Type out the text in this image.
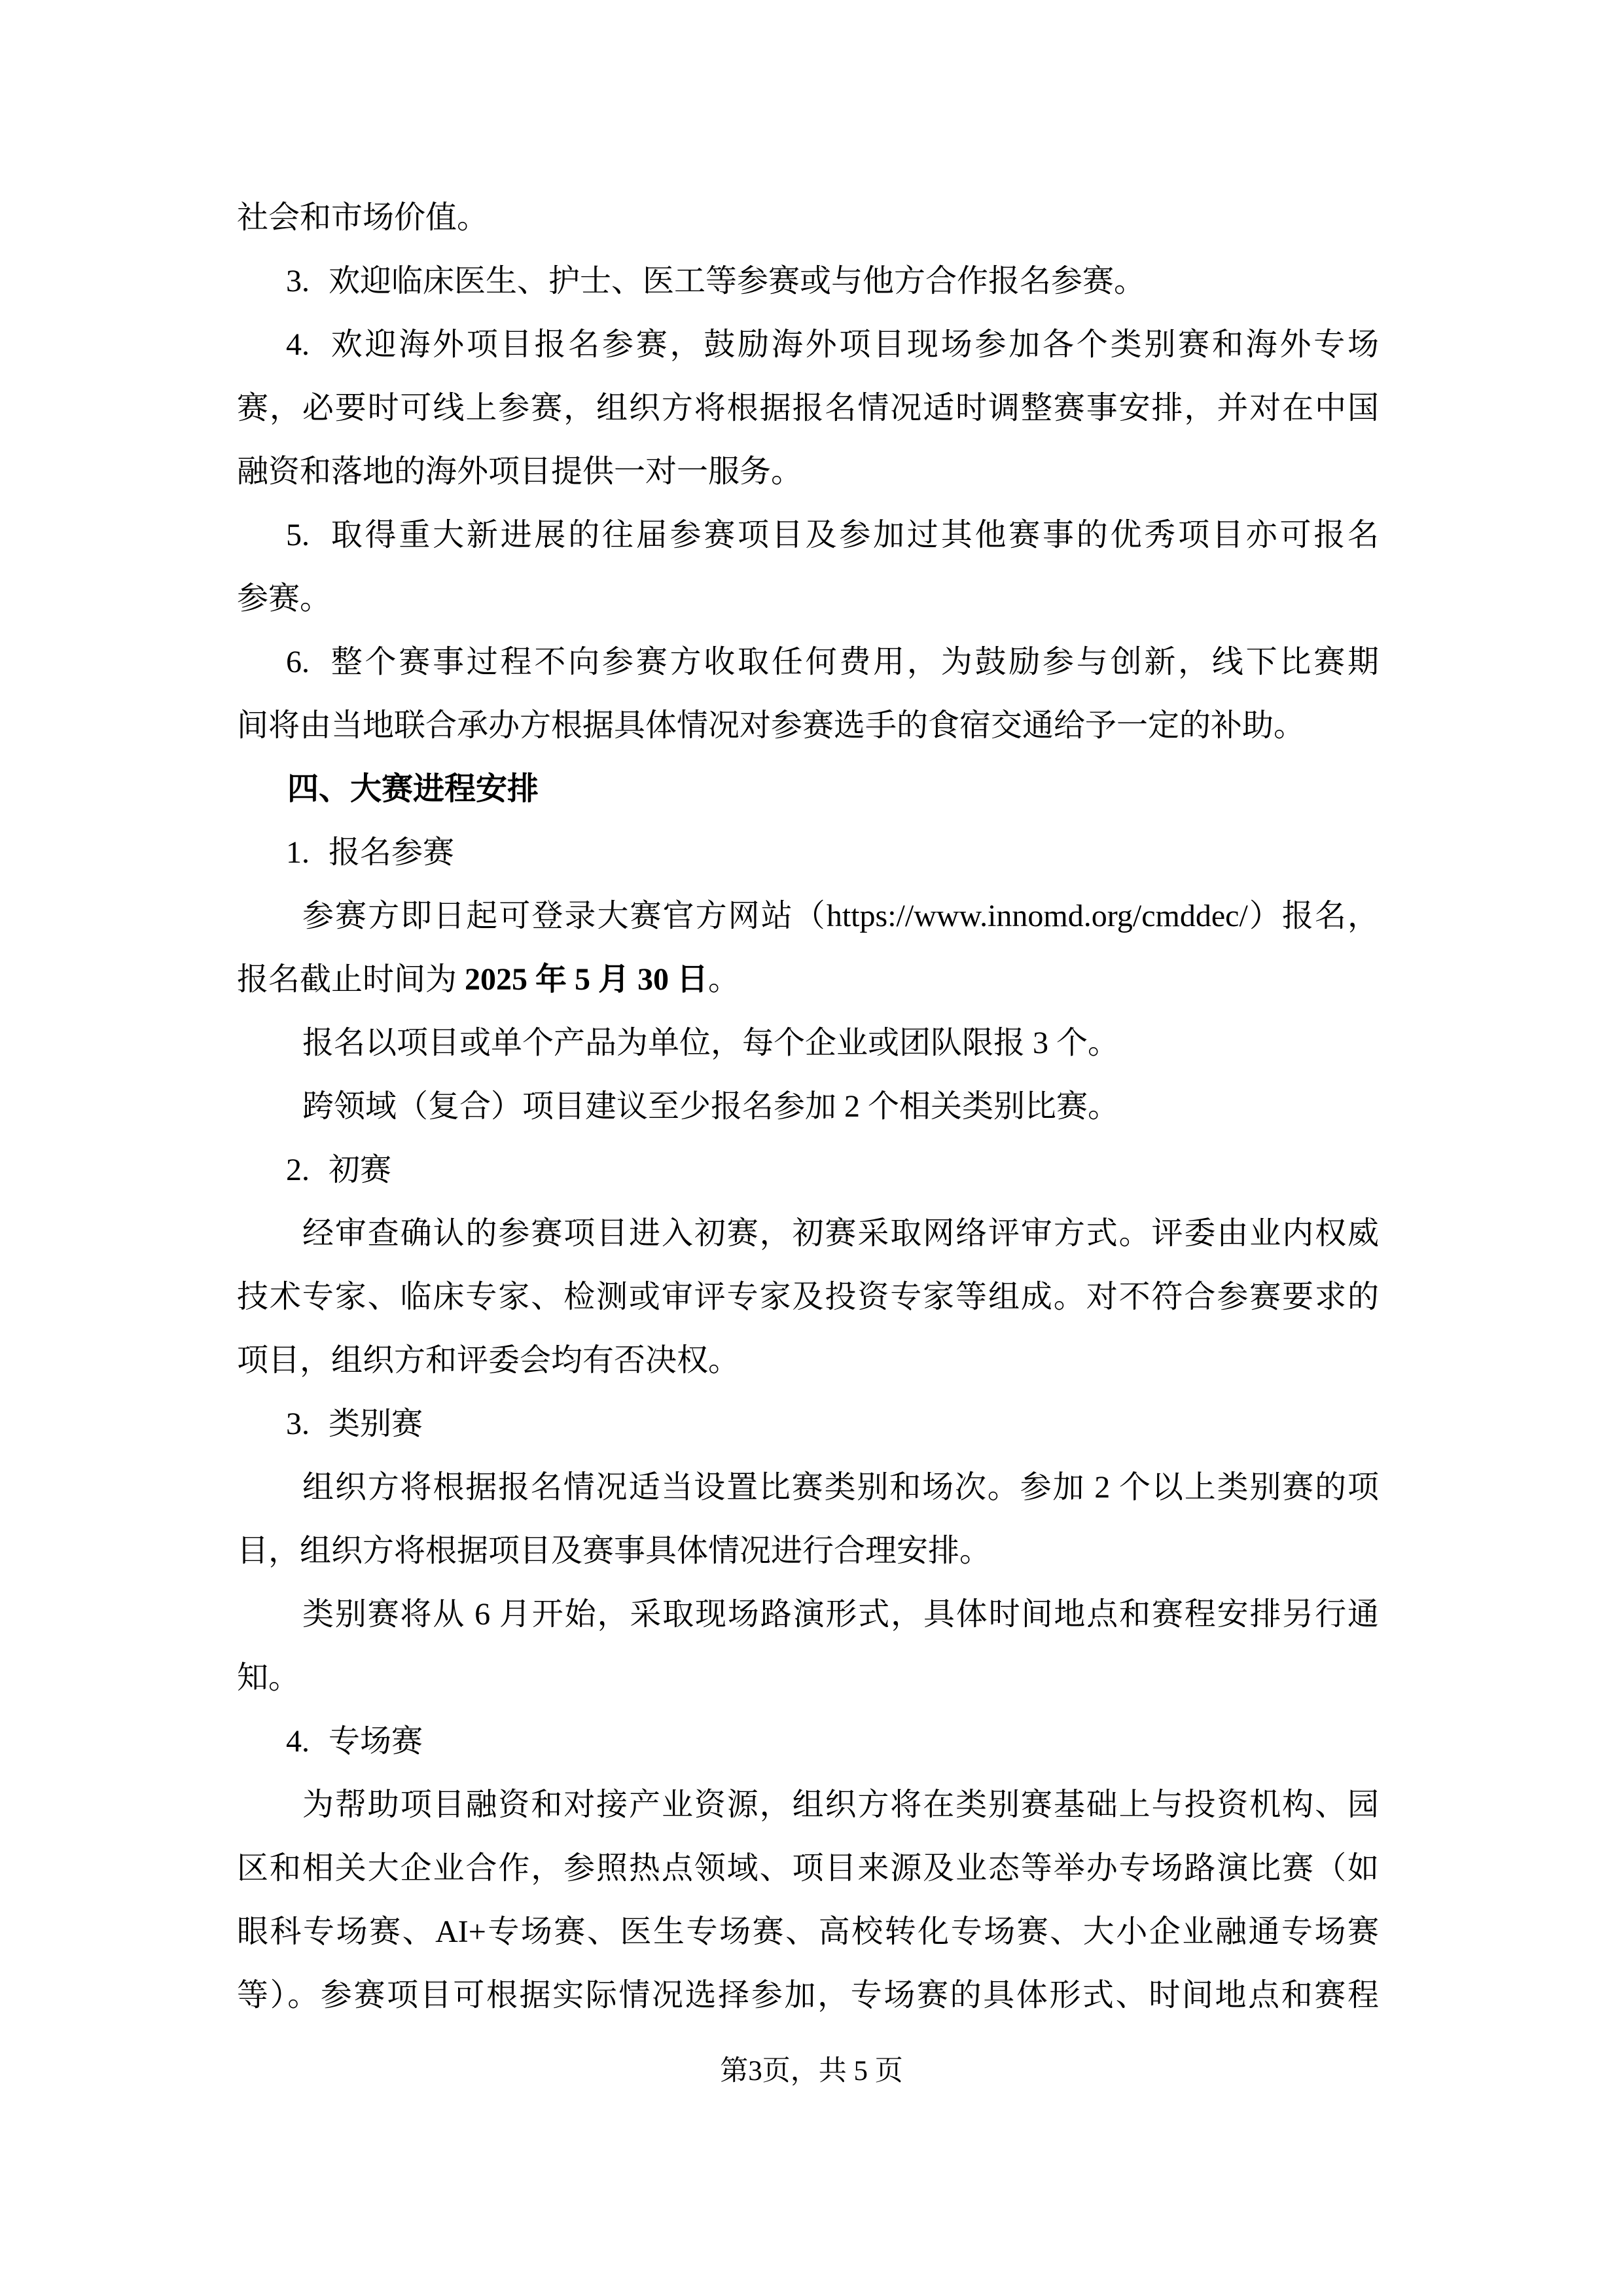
社会和市场价值。

3. 欢迎临床医生、护士、医工等参赛或与他方合作报名参赛。

4. 欢迎海外项目报名参赛，鼓励海外项目现场参加各个类别赛和海外专场

赛，必要时可线上参赛，组织方将根据报名情况适时调整赛事安排，并对在中国

融资和落地的海外项目提供一对一服务。

5. 取得重大新进展的往届参赛项目及参加过其他赛事的优秀项目亦可报名

参赛。

6. 整个赛事过程不向参赛方收取任何费用，为鼓励参与创新，线下比赛期

间将由当地联合承办方根据具体情况对参赛选手的食宿交通给予一定的补助。

四、大赛进程安排

1. 报名参赛

参赛方即日起可登录大赛官方网站（https://www.innomd.org/cmddec/）报名，

报名截止时间为 2025 年 5 月 30 日。

报名以项目或单个产品为单位，每个企业或团队限报 3 个。

跨领域（复合）项目建议至少报名参加 2 个相关类别比赛。

2. 初赛

经审查确认的参赛项目进入初赛，初赛采取网络评审方式。评委由业内权威

技术专家、临床专家、检测或审评专家及投资专家等组成。对不符合参赛要求的

项目，组织方和评委会均有否决权。

3. 类别赛

组织方将根据报名情况适当设置比赛类别和场次。参加 2 个以上类别赛的项

目，组织方将根据项目及赛事具体情况进行合理安排。

类别赛将从 6 月开始，采取现场路演形式，具体时间地点和赛程安排另行通

知。

4. 专场赛

为帮助项目融资和对接产业资源，组织方将在类别赛基础上与投资机构、园

区和相关大企业合作，参照热点领域、项目来源及业态等举办专场路演比赛（如

眼科专场赛、AI+专场赛、医生专场赛、高校转化专场赛、大小企业融通专场赛

等）。参赛项目可根据实际情况选择参加，专场赛的具体形式、时间地点和赛程

第3页，共 5 页
